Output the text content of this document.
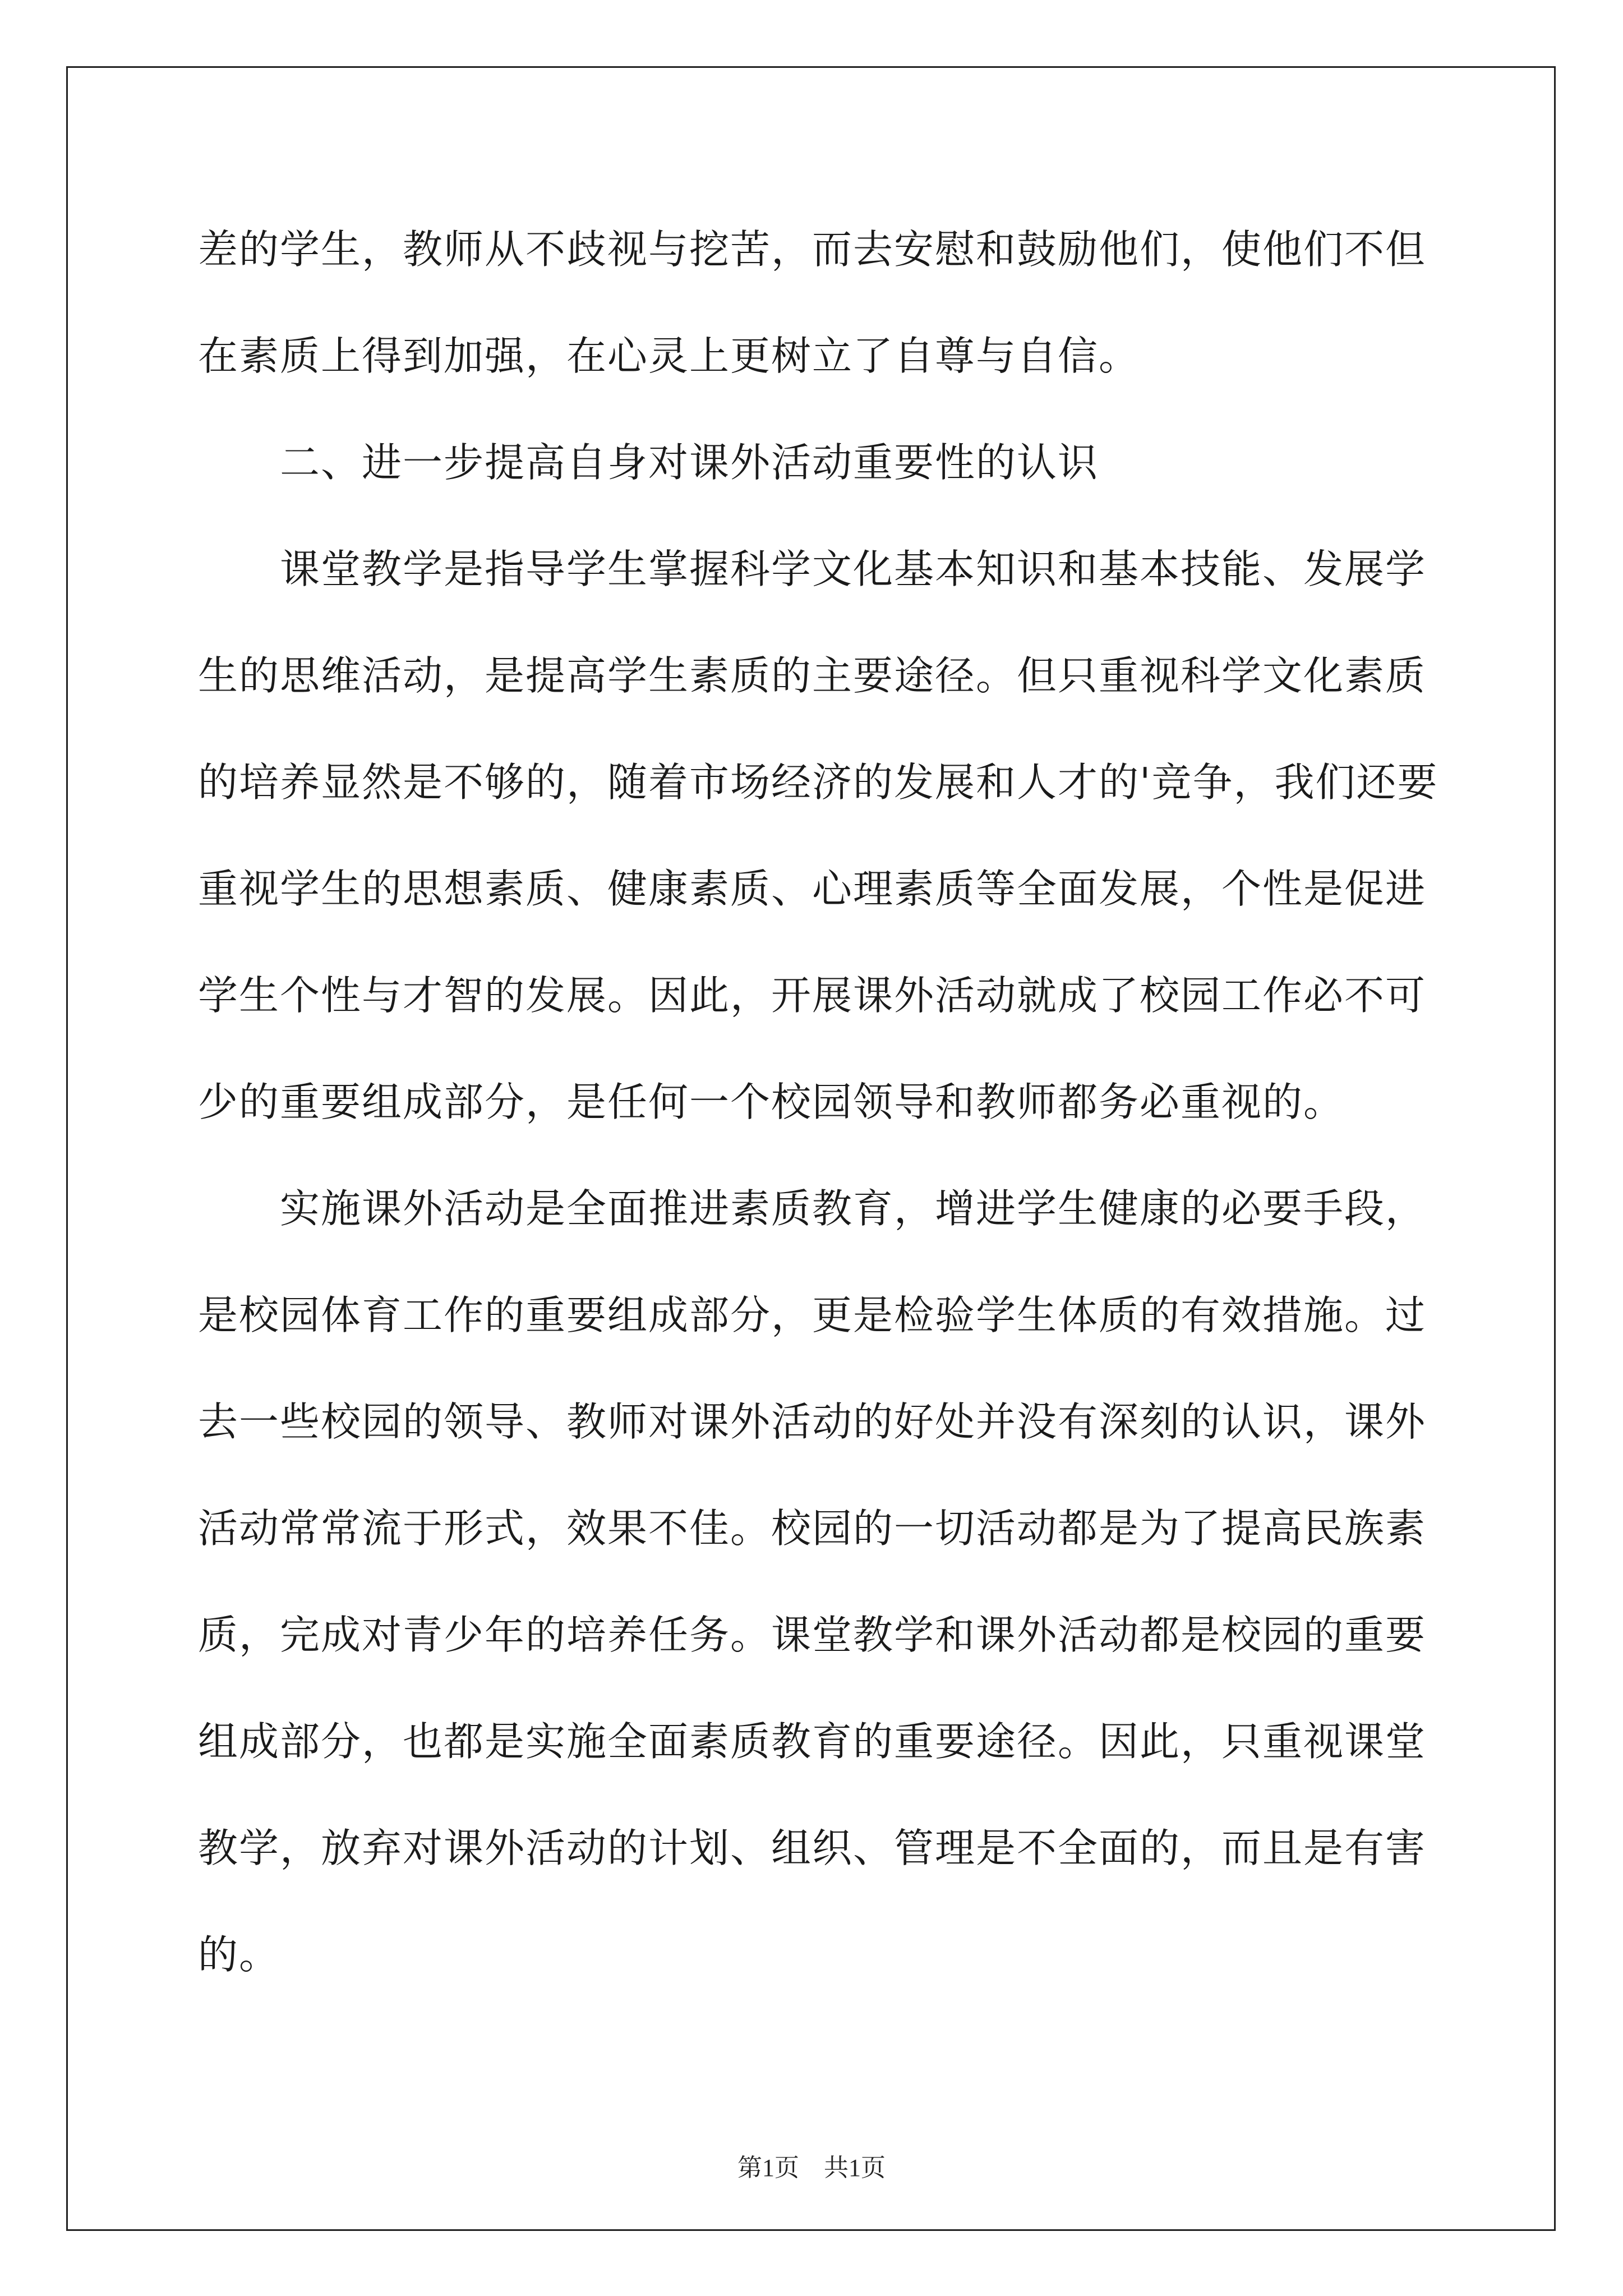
差的学生，教师从不歧视与挖苦，而去安慰和鼓励他们，使他们不但
在素质上得到加强，在心灵上更树立了自尊与自信。
二、进一步提高自身对课外活动重要性的认识
课堂教学是指导学生掌握科学文化基本知识和基本技能、发展学
生的思维活动，是提高学生素质的主要途径。但只重视科学文化素质
的培养显然是不够的，随着市场经济的发展和人才的'竞争，我们还要
重视学生的思想素质、健康素质、心理素质等全面发展，个性是促进
学生个性与才智的发展。因此，开展课外活动就成了校园工作必不可
少的重要组成部分，是任何一个校园领导和教师都务必重视的。
实施课外活动是全面推进素质教育，增进学生健康的必要手段，
是校园体育工作的重要组成部分，更是检验学生体质的有效措施。过
去一些校园的领导、教师对课外活动的好处并没有深刻的认识，课外
活动常常流于形式，效果不佳。校园的一切活动都是为了提高民族素
质，完成对青少年的培养任务。课堂教学和课外活动都是校园的重要
组成部分，也都是实施全面素质教育的重要途径。因此，只重视课堂
教学，放弃对课外活动的计划、组织、管理是不全面的，而且是有害
的。
第1页　共1页
